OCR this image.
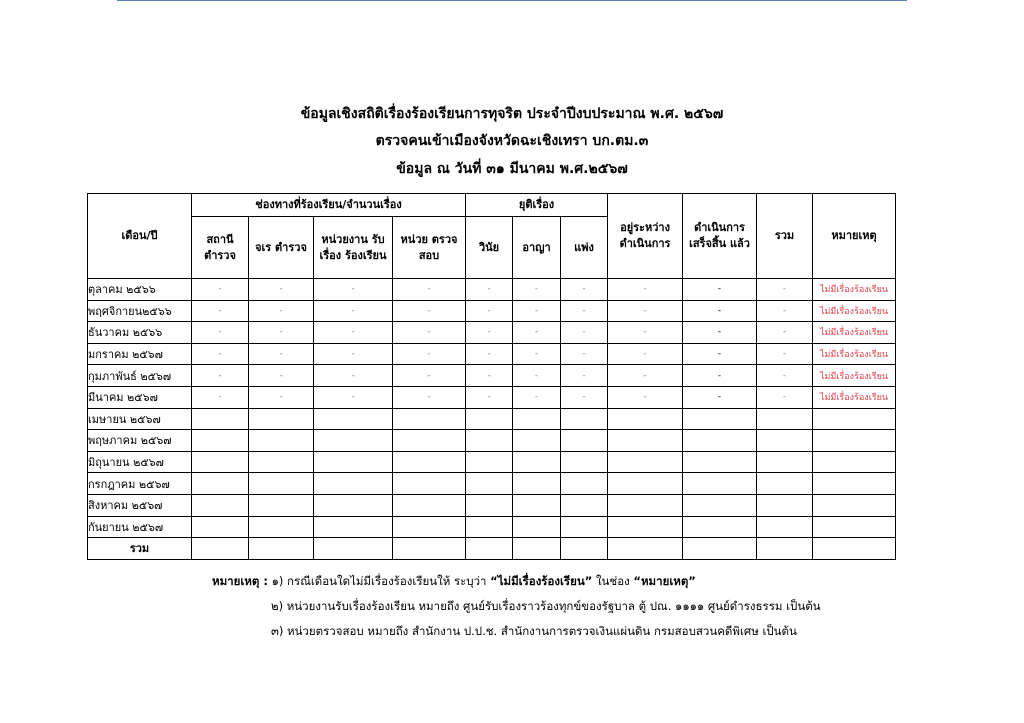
ข้อมูลเชิงสถิติเรื่องร้องเรียนการทุจริต ประจำปีงบประมาณ พ.ศ. ๒๕๖๗
ตรวจคนเข้าเมืองจังหวัดฉะเชิงเทรา บก.ตม.๓
ข้อมูล ณ วันที่ ๓๑ มีนาคม พ.ศ.๒๕๖๗
เดือน/ปี	ช่องทางที่ร้องเรียน/จำนวนเรื่อง				ยุติเรื่อง			อยู่ระหว่าง ดำเนินการ	ดำเนินการ เสร็จสิ้น แล้ว	รวม	หมายเหตุ
	สถานี ตำรวจ	จเร ตำรวจ	หน่วยงาน รับเรื่อง ร้องเรียน	หน่วย ตรวจสอบ	วินัย	อาญา	แพ่ง				
ตุลาคม ๒๕๖๖	-	-	-	-	-	-	-	-	-	-	ไม่มีเรื่องร้องเรียน
พฤศจิกายน๒๕๖๖	-	-	-	-	-	-	-	-	-	-	ไม่มีเรื่องร้องเรียน
ธันวาคม ๒๕๖๖	-	-	-	-	-	-	-	-	-	-	ไม่มีเรื่องร้องเรียน
มกราคม ๒๕๖๗	-	-	-	-	-	-	-	-	-	-	ไม่มีเรื่องร้องเรียน
กุมภาพันธ์ ๒๕๖๗	-	-	-	-	-	-	-	-	-	-	ไม่มีเรื่องร้องเรียน
มีนาคม ๒๕๖๗	-	-	-	-	-	-	-	-	-	-	ไม่มีเรื่องร้องเรียน
เมษายน ๒๕๖๗											
พฤษภาคม ๒๕๖๗											
มิถุนายน ๒๕๖๗											
กรกฎาคม ๒๕๖๗											
สิงหาคม ๒๕๖๗											
กันยายน ๒๕๖๗											
รวม											
หมายเหตุ : ๑) กรณีเดือนใดไม่มีเรื่องร้องเรียนให้ ระบุว่า “ไม่มีเรื่องร้องเรียน” ในช่อง “หมายเหตุ”
๒) หน่วยงานรับเรื่องร้องเรียน หมายถึง ศูนย์รับเรื่องราวร้องทุกข์ของรัฐบาล ตู้ ปณ. ๑๑๑๑ ศูนย์ดำรงธรรม เป็นต้น
๓) หน่วยตรวจสอบ หมายถึง สำนักงาน ป.ป.ช. สำนักงานการตรวจเงินแผ่นดิน กรมสอบสวนคดีพิเศษ เป็นต้น
